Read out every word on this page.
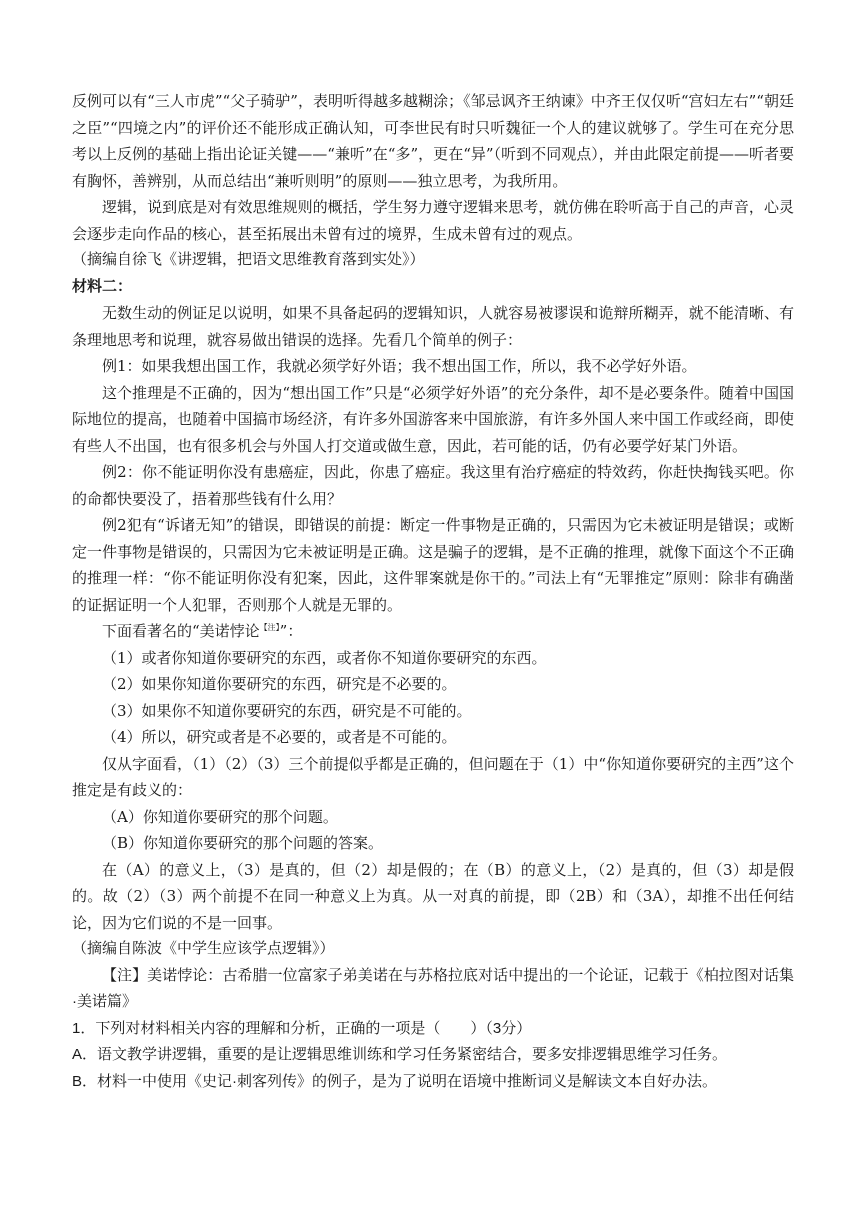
反例可以有“三人市虎”“父子骑驴”，表明听得越多越糊涂；《邹忌讽齐王纳谏》中齐王仅仅听“宫妇左右”“朝廷之臣”“四境之内”的评价还不能形成正确认知，可李世民有时只听魏征一个人的建议就够了。学生可在充分思考以上反例的基础上指出论证关键——“兼听”在“多”，更在“异”（听到不同观点），并由此限定前提——听者要有胸怀，善辨别，从而总结出“兼听则明”的原则——独立思考，为我所用。

逻辑，说到底是对有效思维规则的概括，学生努力遵守逻辑来思考，就仿佛在聆听高于自己的声音，心灵会逐步走向作品的核心，甚至拓展出未曾有过的境界，生成未曾有过的观点。

（摘编自徐飞《讲逻辑，把语文思维教育落到实处》）

材料二：

无数生动的例证足以说明，如果不具备起码的逻辑知识，人就容易被谬误和诡辩所糊弄，就不能清晰、有条理地思考和说理，就容易做出错误的选择。先看几个简单的例子：

例1：如果我想出国工作，我就必须学好外语；我不想出国工作，所以，我不必学好外语。

这个推理是不正确的，因为“想出国工作”只是“必须学好外语”的充分条件，却不是必要条件。随着中国国际地位的提高，也随着中国搞市场经济，有许多外国游客来中国旅游，有许多外国人来中国工作或经商，即使有些人不出国，也有很多机会与外国人打交道或做生意，因此，若可能的话，仍有必要学好某门外语。

例2：你不能证明你没有患癌症，因此，你患了癌症。我这里有治疗癌症的特效药，你赶快掏钱买吧。你的命都快要没了，捂着那些钱有什么用？

例2犯有“诉诸无知”的错误，即错误的前提：断定一件事物是正确的，只需因为它未被证明是错误；或断定一件事物是错误的，只需因为它未被证明是正确。这是骗子的逻辑，是不正确的推理，就像下面这个不正确的推理一样：“你不能证明你没有犯案，因此，这件罪案就是你干的。”司法上有“无罪推定”原则：除非有确凿的证据证明一个人犯罪，否则那个人就是无罪的。

下面看著名的“美诺悖论$^{【注】}$”：

（1）或者你知道你要研究的东西，或者你不知道你要研究的东西。

（2）如果你知道你要研究的东西，研究是不必要的。

（3）如果你不知道你要研究的东西，研究是不可能的。

（4）所以，研究或者是不必要的，或者是不可能的。

仅从字面看，（1）（2）（3）三个前提似乎都是正确的，但问题在于（1）中“你知道你要研究的主西”这个推定是有歧义的：

（A）你知道你要研究的那个问题。

（B）你知道你要研究的那个问题的答案。

在（A）的意义上，（3）是真的，但（2）却是假的；在（B）的意义上，（2）是真的，但（3）却是假的。故（2）（3）两个前提不在同一种意义上为真。从一对真的前提，即（2B）和（3A），却推不出任何结论，因为它们说的不是一回事。

（摘编自陈波《中学生应该学点逻辑》）

【注】美诺悖论：古希腊一位富家子弟美诺在与苏格拉底对话中提出的一个论证，记载于《柏拉图对话集·美诺篇》

1．下列对材料相关内容的理解和分析，正确的一项是（　　）（3分）

A．语文教学讲逻辑，重要的是让逻辑思维训练和学习任务紧密结合，要多安排逻辑思维学习任务。

B．材料一中使用《史记·刺客列传》的例子，是为了说明在语境中推断词义是解读文本自好办法。
